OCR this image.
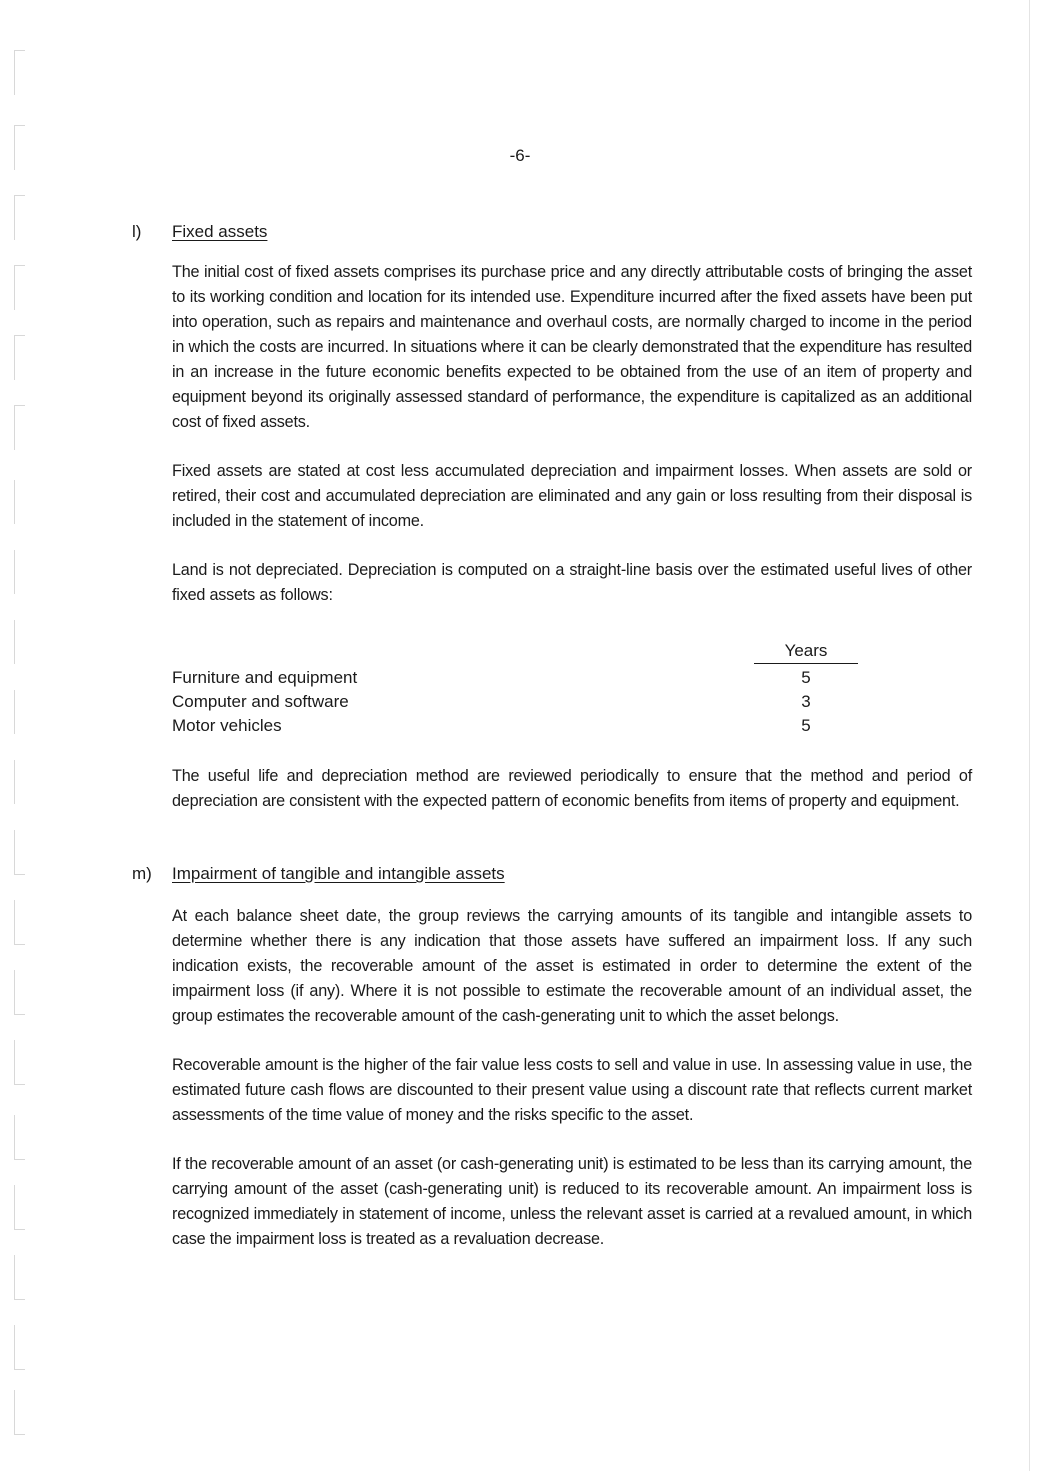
-6-
l)	Fixed assets

The initial cost of fixed assets comprises its purchase price and any directly attributable costs of bringing the asset to its working condition and location for its intended use. Expenditure incurred after the fixed assets have been put into operation, such as repairs and maintenance and overhaul costs, are normally charged to income in the period in which the costs are incurred. In situations where it can be clearly demonstrated that the expenditure has resulted in an increase in the future economic benefits expected to be obtained from the use of an item of property and equipment beyond its originally assessed standard of performance, the expenditure is capitalized as an additional cost of fixed assets.

Fixed assets are stated at cost less accumulated depreciation and impairment losses. When assets are sold or retired, their cost and accumulated depreciation are eliminated and any gain or loss resulting from their disposal is included in the statement of income.

Land is not depreciated. Depreciation is computed on a straight-line basis over the estimated useful lives of other fixed assets as follows:

Years
Furniture and equipment	5
Computer and software	3
Motor vehicles	5

The useful life and depreciation method are reviewed periodically to ensure that the method and period of depreciation are consistent with the expected pattern of economic benefits from items of property and equipment.

m)	Impairment of tangible and intangible assets

At each balance sheet date, the group reviews the carrying amounts of its tangible and intangible assets to determine whether there is any indication that those assets have suffered an impairment loss. If any such indication exists, the recoverable amount of the asset is estimated in order to determine the extent of the impairment loss (if any). Where it is not possible to estimate the recoverable amount of an individual asset, the group estimates the recoverable amount of the cash-generating unit to which the asset belongs.

Recoverable amount is the higher of the fair value less costs to sell and value in use. In assessing value in use, the estimated future cash flows are discounted to their present value using a discount rate that reflects current market assessments of the time value of money and the risks specific to the asset.

If the recoverable amount of an asset (or cash-generating unit) is estimated to be less than its carrying amount, the carrying amount of the asset (cash-generating unit) is reduced to its recoverable amount. An impairment loss is recognized immediately in statement of income, unless the relevant asset is carried at a revalued amount, in which case the impairment loss is treated as a revaluation decrease.
